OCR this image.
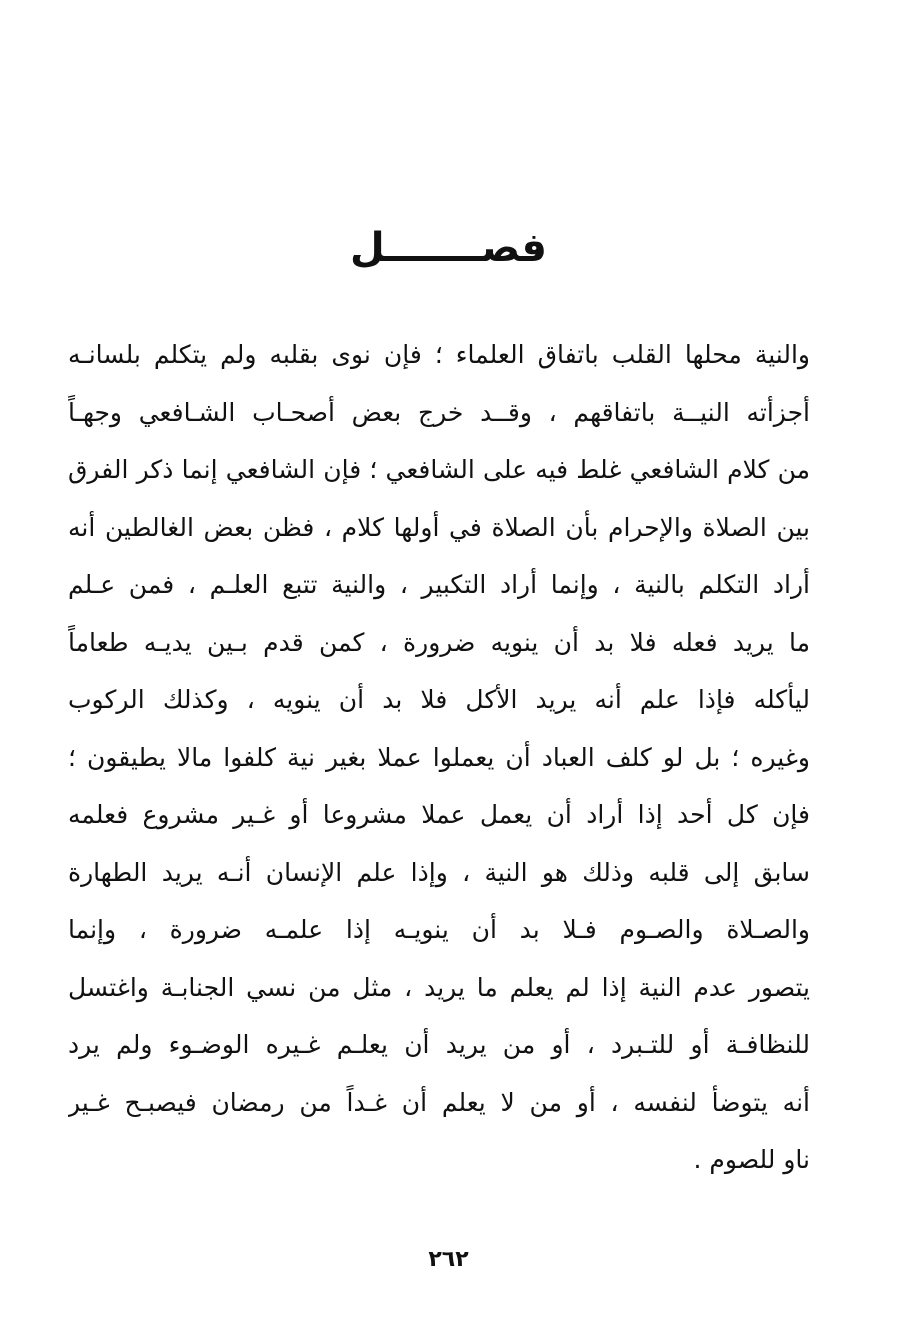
فصـــــــل
والنية محلها القلب باتفاق العلماء ؛ فإن نوى بقلبه ولم يتكلم بلسانـه
أجزأته النيــة باتفاقهم ، وقــد خرج بعض أصحـاب الشـافعي وجهـاً
من كلام الشافعي غلط فيه على الشافعي ؛ فإن الشافعي إنما ذكر الفرق
بين الصلاة والإحرام بأن الصلاة في أولها كلام ، فظن بعض الغالطين أنه
أراد التكلم بالنية ، وإنما أراد التكبير ، والنية تتبع العلـم ، فمن عـلم
ما يريد فعله فلا بد أن ينويه ضرورة ، كمن قدم بـين يديـه طعاماً
ليأكله فإذا علم أنه يريد الأكل فلا بد أن ينويه ، وكذلك الركوب
وغيره ؛ بل لو كلف العباد أن يعملوا عملا بغير نية كلفوا مالا يطيقون ؛
فإن كل أحد إذا أراد أن يعمل عملا مشروعا أو غـير مشروع فعلمه
سابق إلى قلبه وذلك هو النية ، وإذا علم الإنسان أنـه يريد الطهارة
والصـلاة والصـوم فـلا بد أن ينويـه إذا علمـه ضرورة ، وإنما
يتصور عدم النية إذا لم يعلم ما يريد ، مثل من نسي الجنابـة واغتسل
للنظافـة أو للتـبرد ، أو من يريد أن يعلـم غـيره الوضـوء ولم يرد
أنه يتوضأ لنفسه ، أو من لا يعلم أن غـداً من رمضان فيصبـح غـير
ناو للصوم .
٢٦٢
